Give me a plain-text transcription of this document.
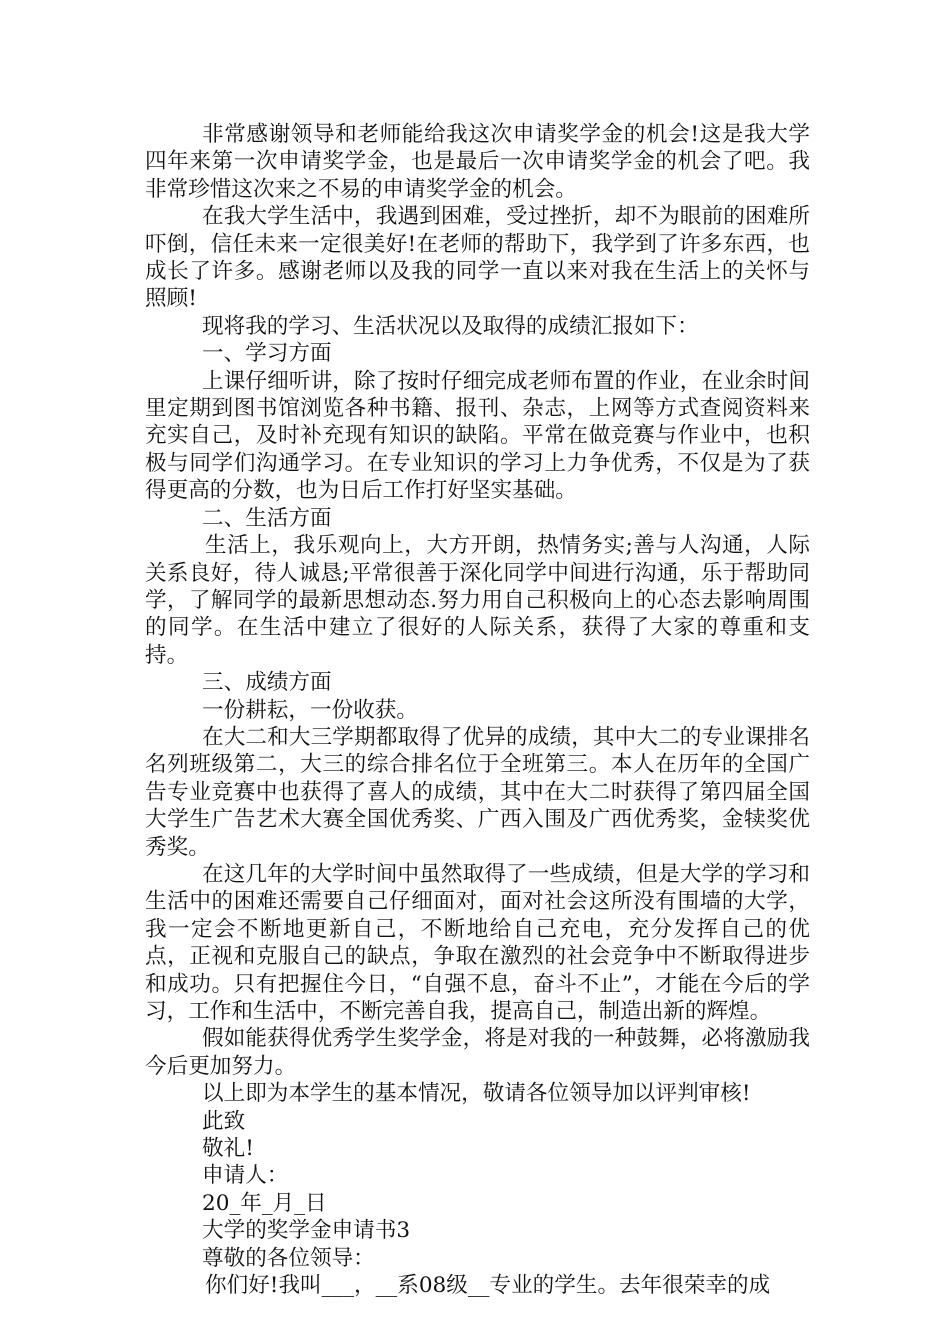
非常感谢领导和老师能给我这次申请奖学金的机会!这是我大学四年来第一次申请奖学金，也是最后一次申请奖学金的机会了吧。我非常珍惜这次来之不易的申请奖学金的机会。

在我大学生活中，我遇到困难，受过挫折，却不为眼前的困难所吓倒，信任未来一定很美好!在老师的帮助下，我学到了许多东西，也成长了许多。感谢老师以及我的同学一直以来对我在生活上的关怀与照顾!

现将我的学习、生活状况以及取得的成绩汇报如下：

一、学习方面

上课仔细听讲，除了按时仔细完成老师布置的作业，在业余时间里定期到图书馆浏览各种书籍、报刊、杂志，上网等方式查阅资料来充实自己，及时补充现有知识的缺陷。平常在做竞赛与作业中，也积极与同学们沟通学习。在专业知识的学习上力争优秀，不仅是为了获得更高的分数，也为日后工作打好坚实基础。

二、生活方面

生活上，我乐观向上，大方开朗，热情务实;善与人沟通，人际关系良好，待人诚恳;平常很善于深化同学中间进行沟通，乐于帮助同学，了解同学的最新思想动态.努力用自己积极向上的心态去影响周围的同学。在生活中建立了很好的人际关系，获得了大家的尊重和支持。

三、成绩方面

一份耕耘，一份收获。

在大二和大三学期都取得了优异的成绩，其中大二的专业课排名名列班级第二，大三的综合排名位于全班第三。本人在历年的全国广告专业竞赛中也获得了喜人的成绩，其中在大二时获得了第四届全国大学生广告艺术大赛全国优秀奖、广西入围及广西优秀奖，金犊奖优秀奖。

在这几年的大学时间中虽然取得了一些成绩，但是大学的学习和生活中的困难还需要自己仔细面对，面对社会这所没有围墙的大学，我一定会不断地更新自己，不断地给自己充电，充分发挥自己的优点，正视和克服自己的缺点，争取在激烈的社会竞争中不断取得进步和成功。只有把握住今日，“自强不息，奋斗不止”，才能在今后的学习，工作和生活中，不断完善自我，提高自己，制造出新的辉煌。

假如能获得优秀学生奖学金，将是对我的一种鼓舞，必将激励我今后更加努力。

以上即为本学生的基本情况，敬请各位领导加以评判审核!

此致

敬礼!

申请人：

20_年_月_日

大学的奖学金申请书3

尊敬的各位领导：

你们好!我叫___，__系08级__专业的学生。去年很荣幸的成
